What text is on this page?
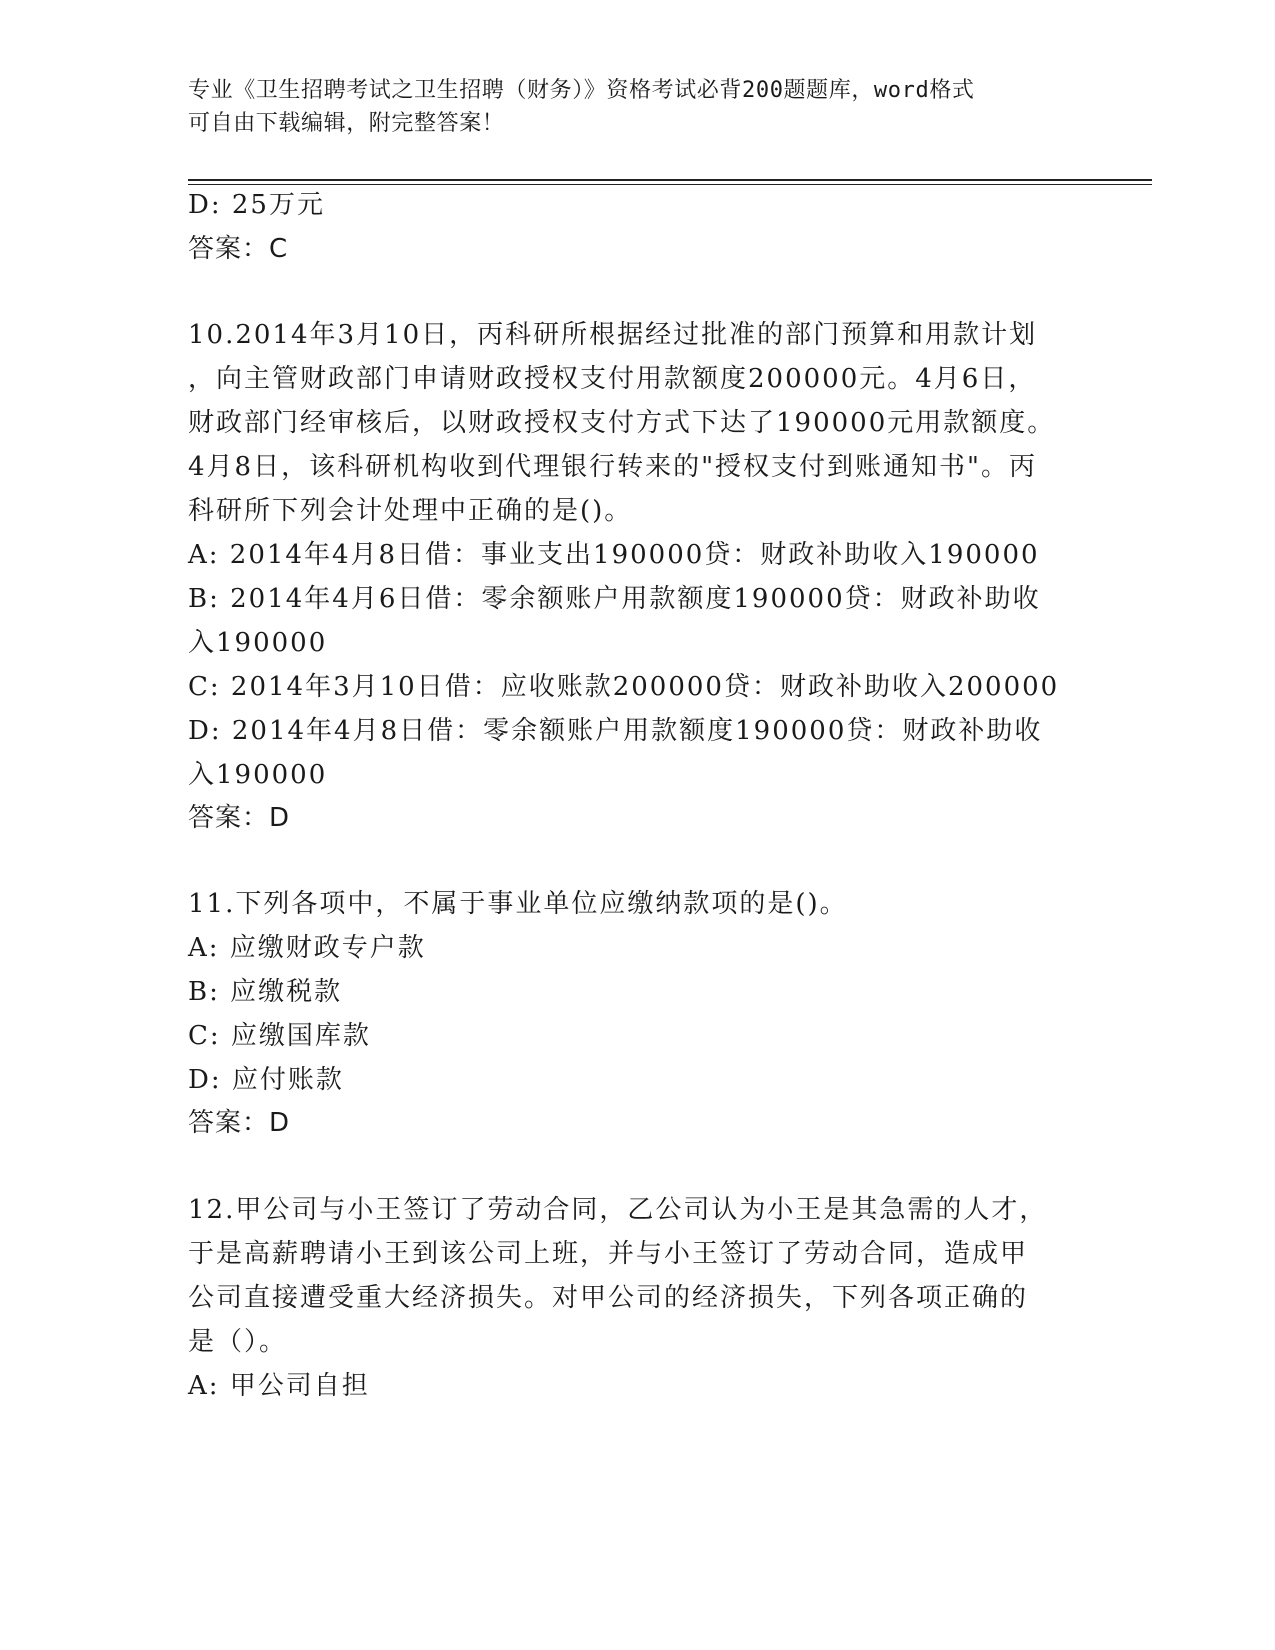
专业《卫生招聘考试之卫生招聘（财务）》资格考试必背200题题库，word格式
可自由下载编辑，附完整答案！
D: 25万元
答案：C
10.2014年3月10日，丙科研所根据经过批准的部门预算和用款计划
，向主管财政部门申请财政授权支付用款额度200000元。4月6日，
财政部门经审核后，以财政授权支付方式下达了190000元用款额度。
4月8日，该科研机构收到代理银行转来的"授权支付到账通知书"。丙
科研所下列会计处理中正确的是()。
A: 2014年4月8日借：事业支出190000贷：财政补助收入190000
B: 2014年4月6日借：零余额账户用款额度190000贷：财政补助收
入190000
C: 2014年3月10日借：应收账款200000贷：财政补助收入200000
D: 2014年4月8日借：零余额账户用款额度190000贷：财政补助收
入190000
答案：D
11.下列各项中，不属于事业单位应缴纳款项的是()。
A: 应缴财政专户款
B: 应缴税款
C: 应缴国库款
D: 应付账款
答案：D
12.甲公司与小王签订了劳动合同，乙公司认为小王是其急需的人才，
于是高薪聘请小王到该公司上班，并与小王签订了劳动合同，造成甲
公司直接遭受重大经济损失。对甲公司的经济损失，下列各项正确的
是（）。
A: 甲公司自担
